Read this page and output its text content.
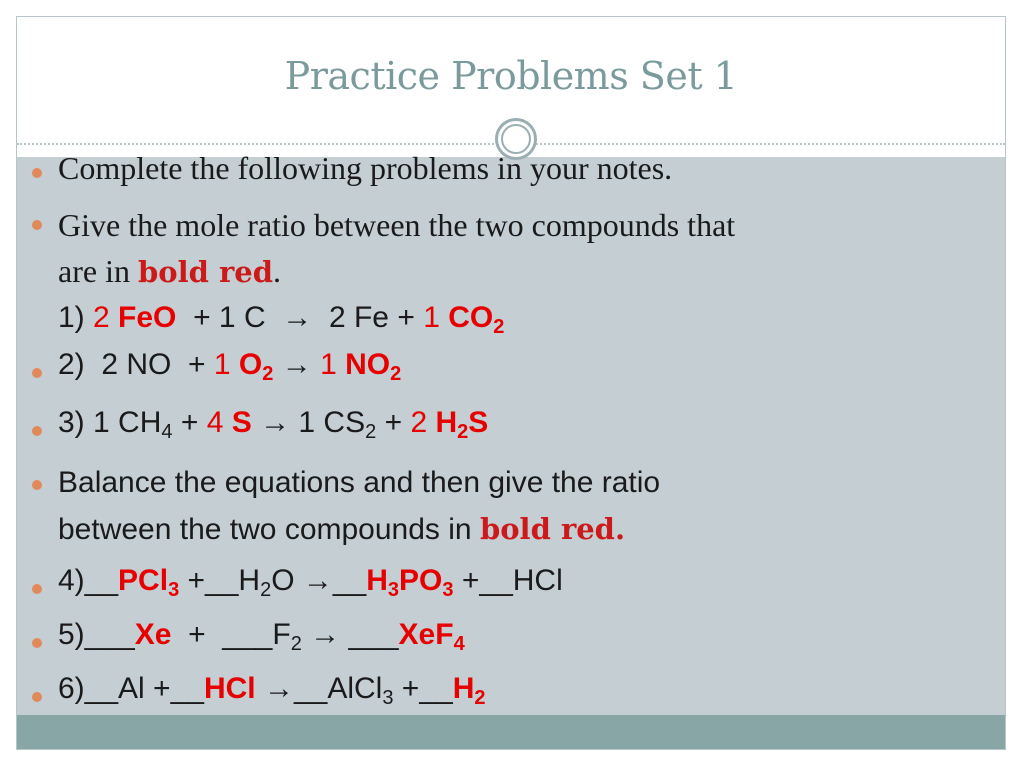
Practice Problems Set 1
Complete the following problems in your notes.
Give the mole ratio between the two compounds that
are in bold red.
1) 2 FeO  + 1 C  →  2 Fe + 1 $CO_2$
2)  2 NO  + 1 $O_2 \to 1$ $NO_2$
3) 1 $CH_4 + 4$ S → 1 $CS_2 + 2$ $H_2S$
Balance the equations and then give the ratio
between the two compounds in bold red.
4)__PCl$_3$ $+\_\_H_2O$ $\to\_\_H_3PO_3$ +__HCl
5)___Xe  +  $\_\_\_F_2$ → ___XeF$_4$
6)__Al +__HCl →__AlCl$_3$ $+\_\_H_2$
